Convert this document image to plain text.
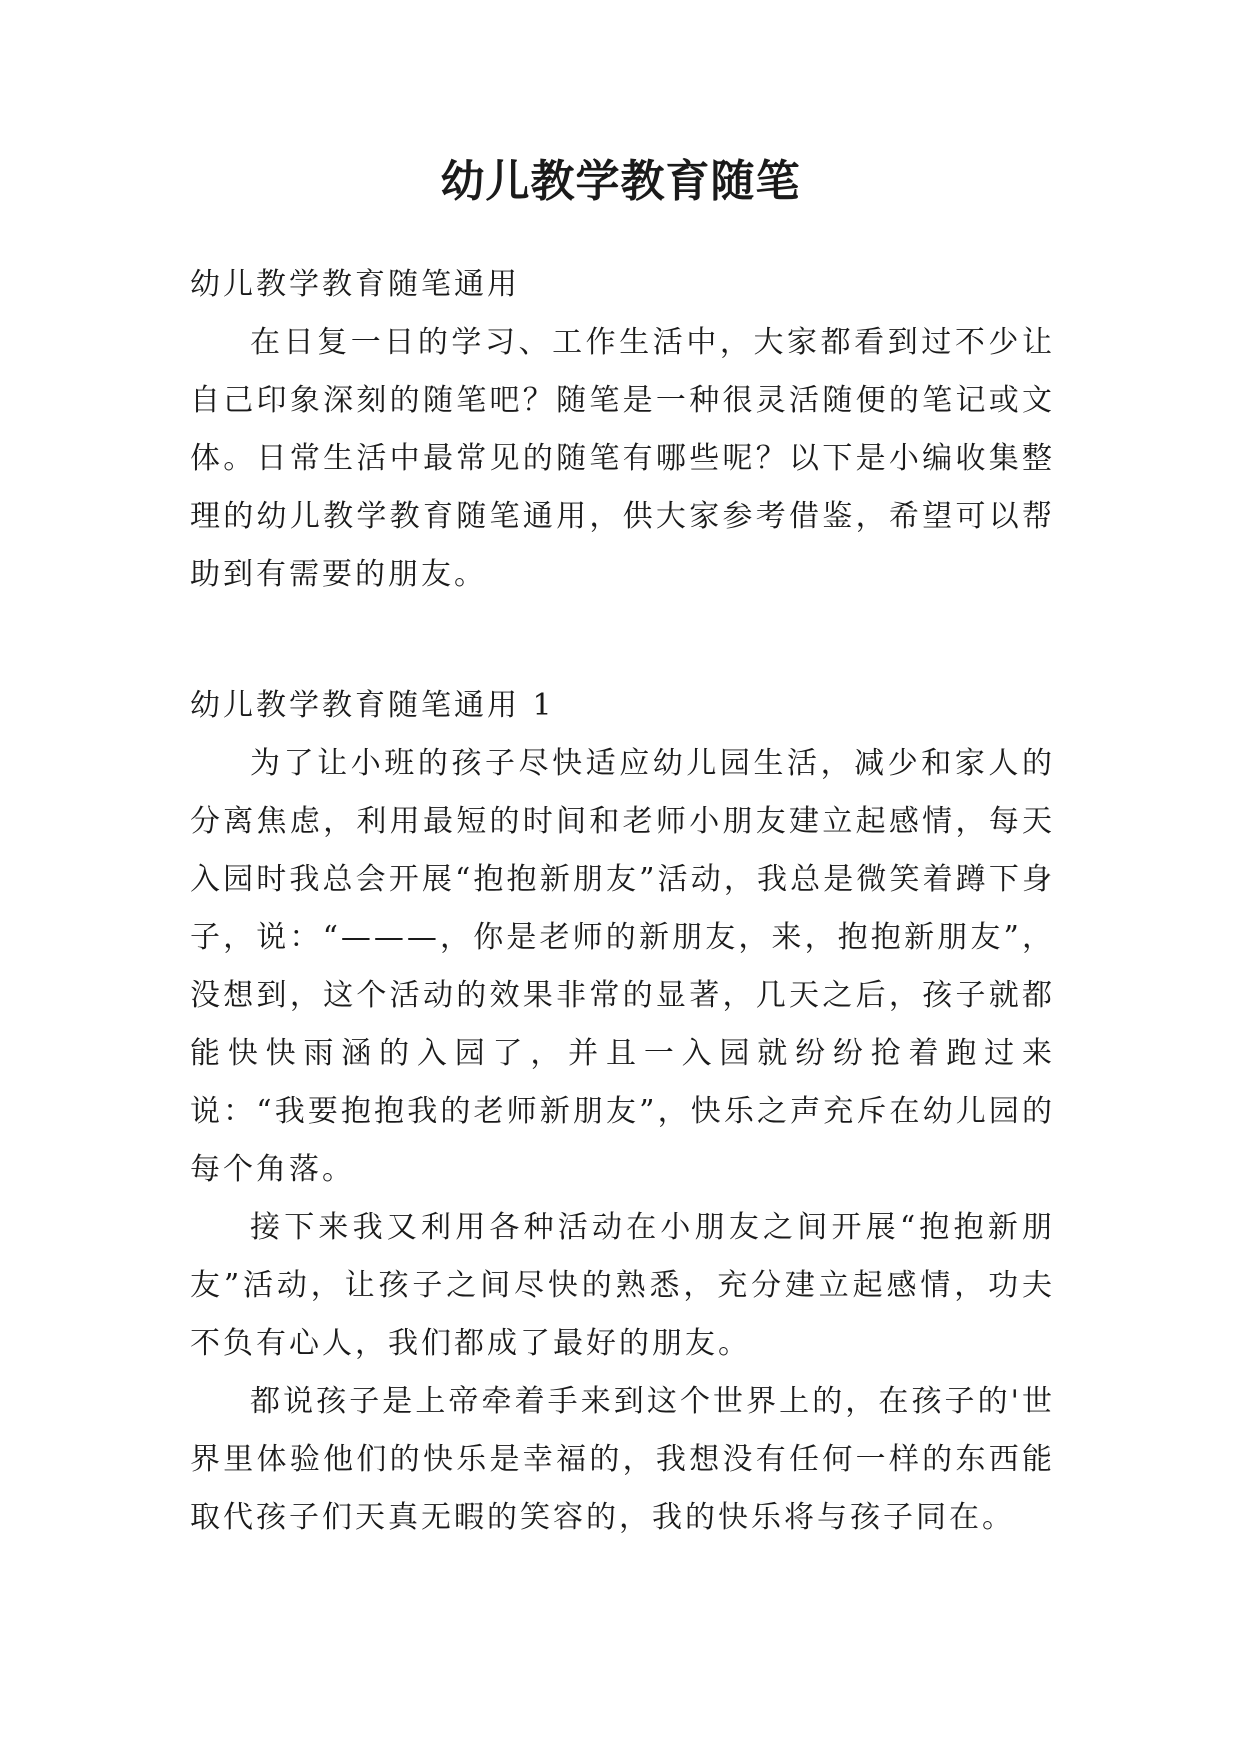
幼儿教学教育随笔
幼儿教学教育随笔通用

在日复一日的学习、工作生活中，大家都看到过不少让自己印象深刻的随笔吧？随笔是一种很灵活随便的笔记或文体。日常生活中最常见的随笔有哪些呢？以下是小编收集整理的幼儿教学教育随笔通用，供大家参考借鉴，希望可以帮助到有需要的朋友。

幼儿教学教育随笔通用 1

为了让小班的孩子尽快适应幼儿园生活，减少和家人的分离焦虑，利用最短的时间和老师小朋友建立起感情，每天入园时我总会开展“抱抱新朋友”活动，我总是微笑着蹲下身子，说：“———，你是老师的新朋友，来，抱抱新朋友”，没想到，这个活动的效果非常的显著，几天之后，孩子就都能快快雨涵的入园了，并且一入园就纷纷抢着跑过来说：“我要抱抱我的老师新朋友”，快乐之声充斥在幼儿园的每个角落。

接下来我又利用各种活动在小朋友之间开展“抱抱新朋友”活动，让孩子之间尽快的熟悉，充分建立起感情，功夫不负有心人，我们都成了最好的朋友。

都说孩子是上帝牵着手来到这个世界上的，在孩子的'世界里体验他们的快乐是幸福的，我想没有任何一样的东西能取代孩子们天真无暇的笑容的，我的快乐将与孩子同在。
